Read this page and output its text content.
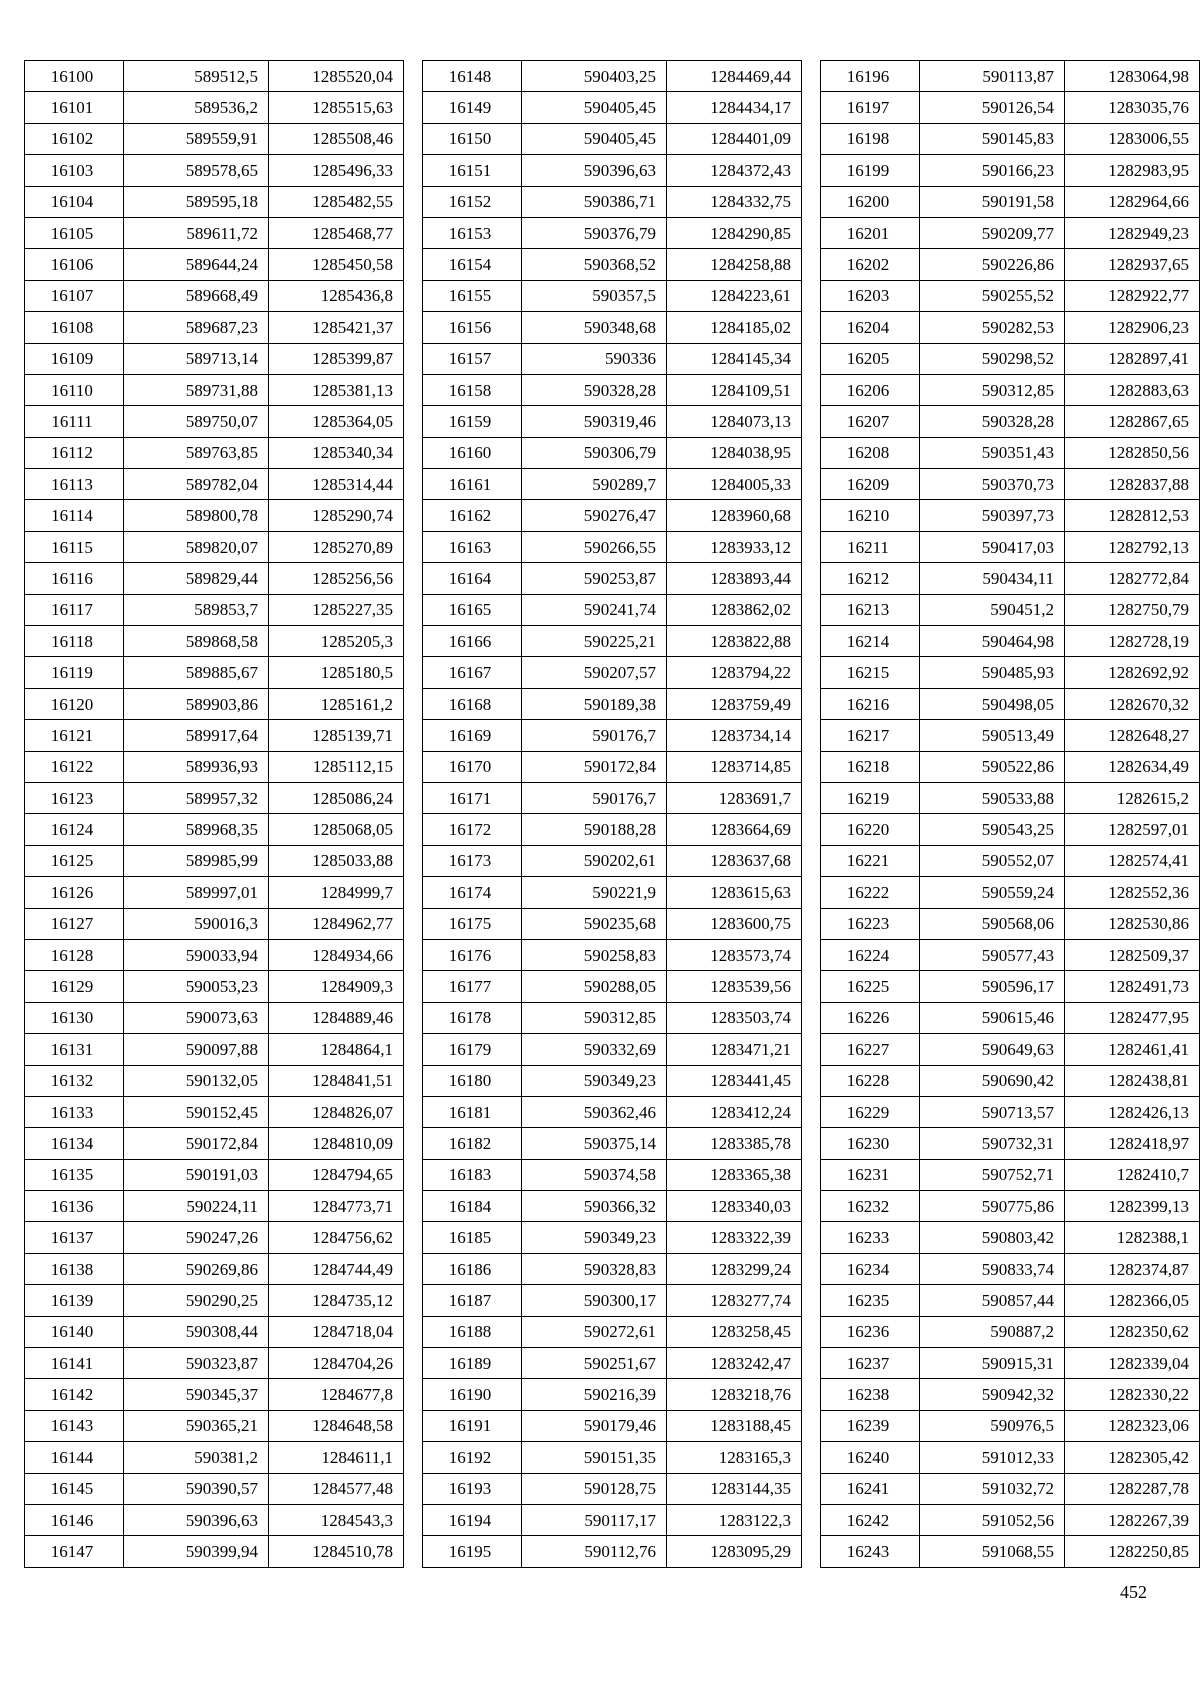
16100	589512,5	1285520,04
16101	589536,2	1285515,63
16102	589559,91	1285508,46
16103	589578,65	1285496,33
16104	589595,18	1285482,55
16105	589611,72	1285468,77
16106	589644,24	1285450,58
16107	589668,49	1285436,8
16108	589687,23	1285421,37
16109	589713,14	1285399,87
16110	589731,88	1285381,13
16111	589750,07	1285364,05
16112	589763,85	1285340,34
16113	589782,04	1285314,44
16114	589800,78	1285290,74
16115	589820,07	1285270,89
16116	589829,44	1285256,56
16117	589853,7	1285227,35
16118	589868,58	1285205,3
16119	589885,67	1285180,5
16120	589903,86	1285161,2
16121	589917,64	1285139,71
16122	589936,93	1285112,15
16123	589957,32	1285086,24
16124	589968,35	1285068,05
16125	589985,99	1285033,88
16126	589997,01	1284999,7
16127	590016,3	1284962,77
16128	590033,94	1284934,66
16129	590053,23	1284909,3
16130	590073,63	1284889,46
16131	590097,88	1284864,1
16132	590132,05	1284841,51
16133	590152,45	1284826,07
16134	590172,84	1284810,09
16135	590191,03	1284794,65
16136	590224,11	1284773,71
16137	590247,26	1284756,62
16138	590269,86	1284744,49
16139	590290,25	1284735,12
16140	590308,44	1284718,04
16141	590323,87	1284704,26
16142	590345,37	1284677,8
16143	590365,21	1284648,58
16144	590381,2	1284611,1
16145	590390,57	1284577,48
16146	590396,63	1284543,3
16147	590399,94	1284510,78
16148	590403,25	1284469,44
16149	590405,45	1284434,17
16150	590405,45	1284401,09
16151	590396,63	1284372,43
16152	590386,71	1284332,75
16153	590376,79	1284290,85
16154	590368,52	1284258,88
16155	590357,5	1284223,61
16156	590348,68	1284185,02
16157	590336	1284145,34
16158	590328,28	1284109,51
16159	590319,46	1284073,13
16160	590306,79	1284038,95
16161	590289,7	1284005,33
16162	590276,47	1283960,68
16163	590266,55	1283933,12
16164	590253,87	1283893,44
16165	590241,74	1283862,02
16166	590225,21	1283822,88
16167	590207,57	1283794,22
16168	590189,38	1283759,49
16169	590176,7	1283734,14
16170	590172,84	1283714,85
16171	590176,7	1283691,7
16172	590188,28	1283664,69
16173	590202,61	1283637,68
16174	590221,9	1283615,63
16175	590235,68	1283600,75
16176	590258,83	1283573,74
16177	590288,05	1283539,56
16178	590312,85	1283503,74
16179	590332,69	1283471,21
16180	590349,23	1283441,45
16181	590362,46	1283412,24
16182	590375,14	1283385,78
16183	590374,58	1283365,38
16184	590366,32	1283340,03
16185	590349,23	1283322,39
16186	590328,83	1283299,24
16187	590300,17	1283277,74
16188	590272,61	1283258,45
16189	590251,67	1283242,47
16190	590216,39	1283218,76
16191	590179,46	1283188,45
16192	590151,35	1283165,3
16193	590128,75	1283144,35
16194	590117,17	1283122,3
16195	590112,76	1283095,29
16196	590113,87	1283064,98
16197	590126,54	1283035,76
16198	590145,83	1283006,55
16199	590166,23	1282983,95
16200	590191,58	1282964,66
16201	590209,77	1282949,23
16202	590226,86	1282937,65
16203	590255,52	1282922,77
16204	590282,53	1282906,23
16205	590298,52	1282897,41
16206	590312,85	1282883,63
16207	590328,28	1282867,65
16208	590351,43	1282850,56
16209	590370,73	1282837,88
16210	590397,73	1282812,53
16211	590417,03	1282792,13
16212	590434,11	1282772,84
16213	590451,2	1282750,79
16214	590464,98	1282728,19
16215	590485,93	1282692,92
16216	590498,05	1282670,32
16217	590513,49	1282648,27
16218	590522,86	1282634,49
16219	590533,88	1282615,2
16220	590543,25	1282597,01
16221	590552,07	1282574,41
16222	590559,24	1282552,36
16223	590568,06	1282530,86
16224	590577,43	1282509,37
16225	590596,17	1282491,73
16226	590615,46	1282477,95
16227	590649,63	1282461,41
16228	590690,42	1282438,81
16229	590713,57	1282426,13
16230	590732,31	1282418,97
16231	590752,71	1282410,7
16232	590775,86	1282399,13
16233	590803,42	1282388,1
16234	590833,74	1282374,87
16235	590857,44	1282366,05
16236	590887,2	1282350,62
16237	590915,31	1282339,04
16238	590942,32	1282330,22
16239	590976,5	1282323,06
16240	591012,33	1282305,42
16241	591032,72	1282287,78
16242	591052,56	1282267,39
16243	591068,55	1282250,85
452
